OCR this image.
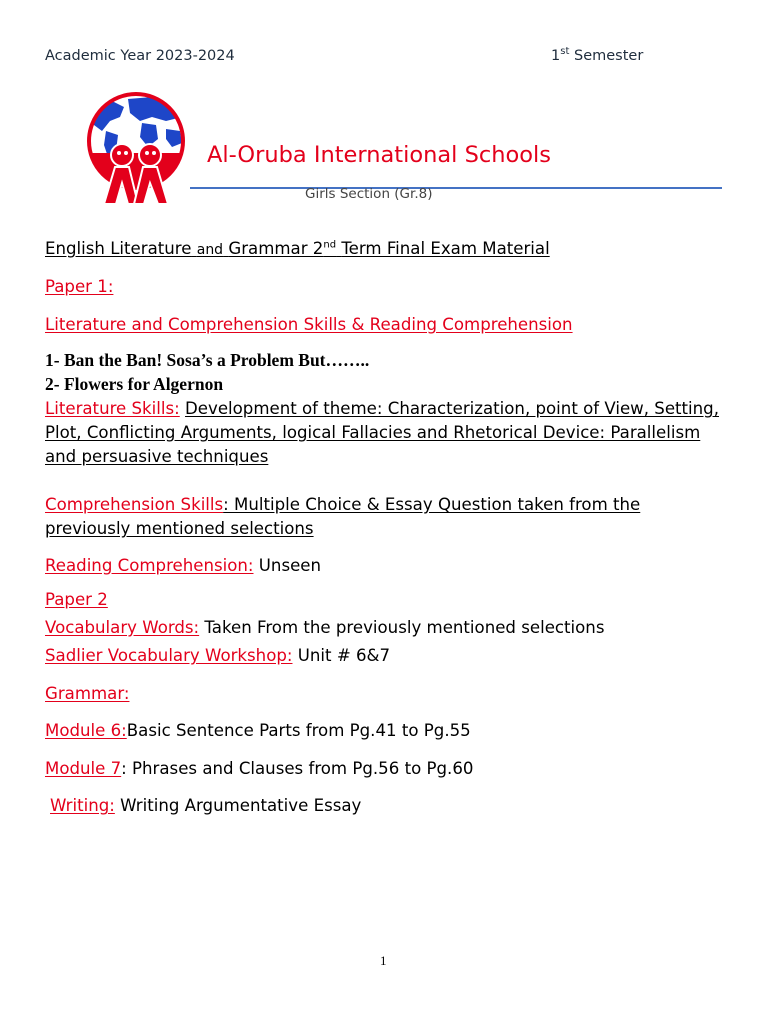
Academic Year 2023-2024	1st Semester
Al-Oruba International Schools
Girls Section (Gr.8)
English Literature and Grammar 2nd Term Final Exam Material
Paper 1:
Literature and Comprehension Skills & Reading Comprehension
1- Ban the Ban! Sosa’s a Problem But……..
2- Flowers for Algernon
Literature Skills: Development of theme: Characterization, point of View, Setting, Plot, Conflicting Arguments, logical Fallacies and Rhetorical Device: Parallelism and persuasive techniques
Comprehension Skills: Multiple Choice & Essay Question taken from the previously mentioned selections
Reading Comprehension: Unseen
Paper 2
Vocabulary Words: Taken From the previously mentioned selections
Sadlier Vocabulary Workshop: Unit # 6&7
Grammar:
Module 6:Basic Sentence Parts from Pg.41 to Pg.55
Module 7: Phrases and Clauses from Pg.56 to Pg.60
Writing: Writing Argumentative Essay
1
